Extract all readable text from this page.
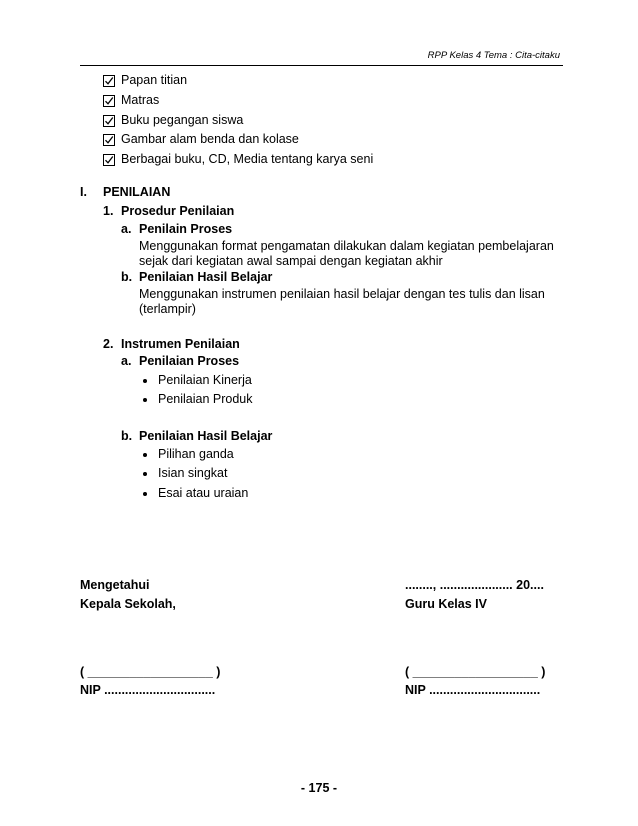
RPP Kelas 4 Tema : Cita-citaku
Papan titian
Matras
Buku pegangan siswa
Gambar alam benda dan kolase
Berbagai buku, CD, Media tentang karya seni
I. PENILAIAN
1. Prosedur Penilaian
a. Penilain Proses
Menggunakan format pengamatan dilakukan dalam kegiatan pembelajaran
sejak dari kegiatan awal sampai dengan kegiatan akhir
b. Penilaian Hasil Belajar
Menggunakan instrumen penilaian hasil belajar dengan tes tulis dan lisan
(terlampir)
2. Instrumen Penilaian
a. Penilaian Proses
Penilaian Kinerja
Penilaian Produk
b. Penilaian Hasil Belajar
Pilihan ganda
Isian singkat
Esai atau uraian
Mengetahui
Kepala Sekolah,
( __________________ )
NIP ................................
........, ..................... 20....
Guru Kelas IV
( __________________ )
NIP ................................
- 175 -
